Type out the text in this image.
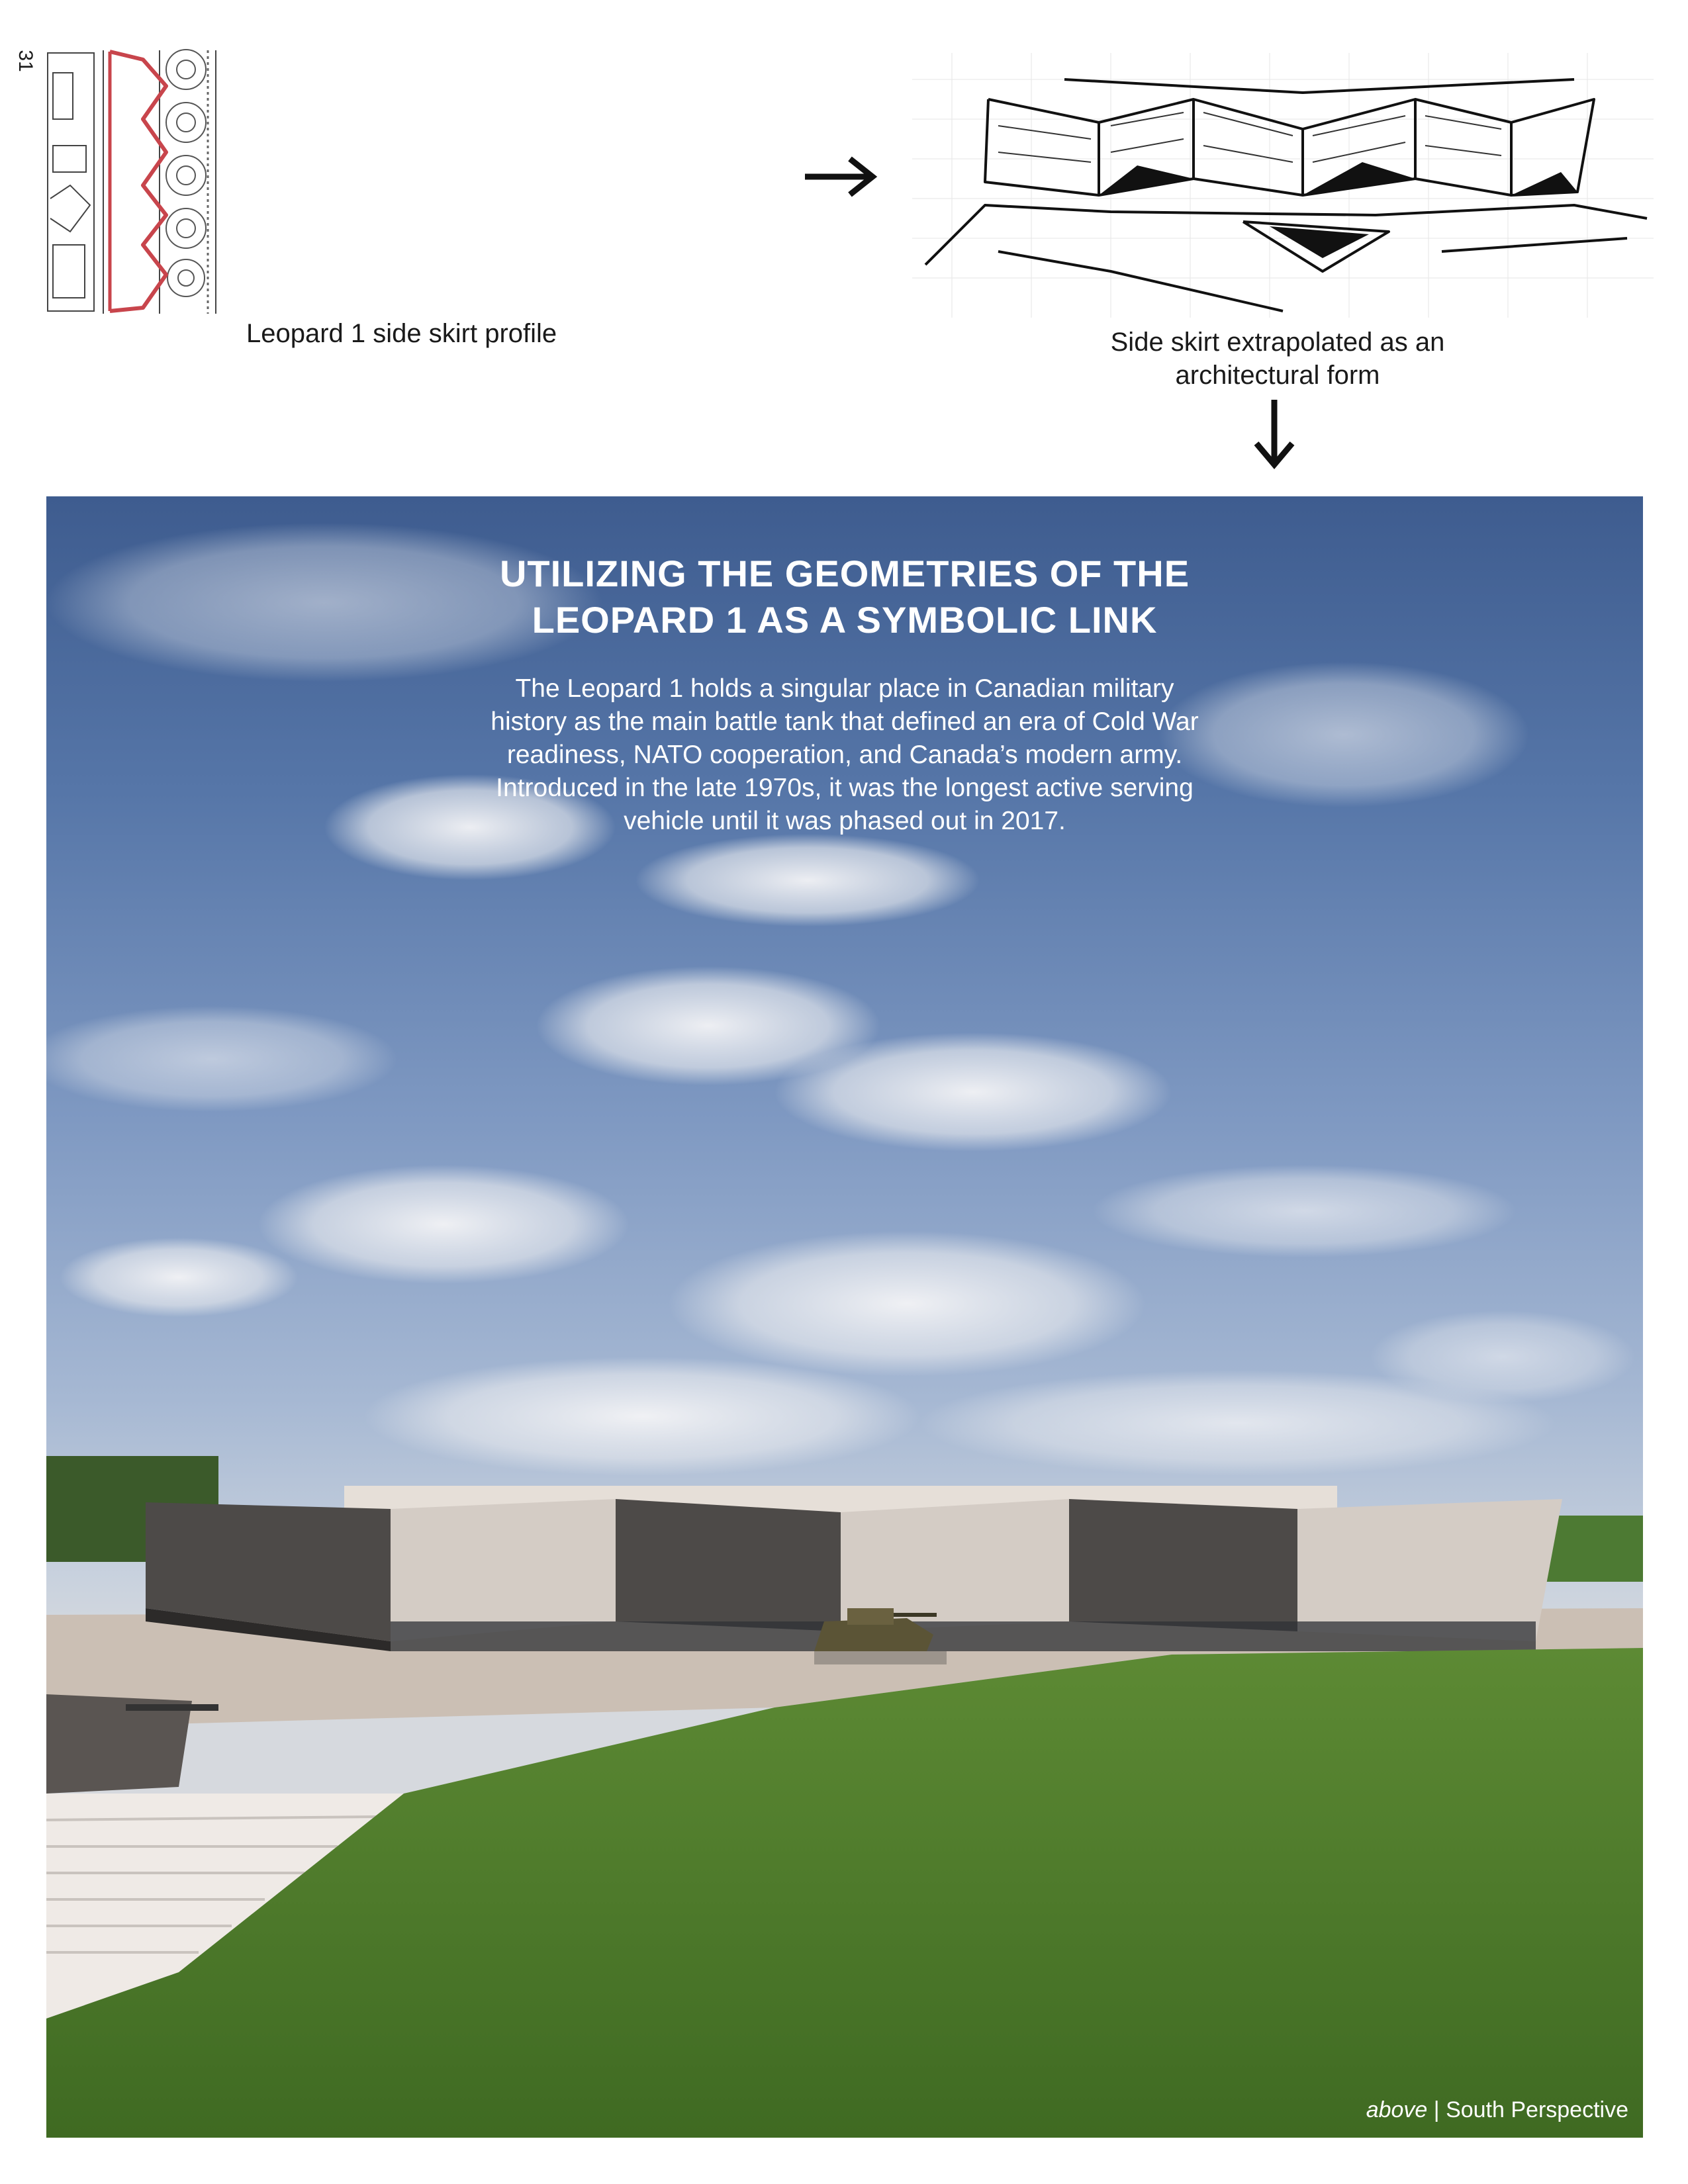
31
Leopard 1 side skirt profile	Side skirt extrapolated as an
architectural form
UTILIZING THE GEOMETRIES OF THE
LEOPARD 1 AS A SYMBOLIC LINK
The Leopard 1 holds a singular place in Canadian military
history as the main battle tank that defined an era of Cold War
readiness, NATO cooperation, and Canada’s modern army.
Introduced in the late 1970s, it was the longest active serving
vehicle until it was phased out in 2017.
above | South Perspective
